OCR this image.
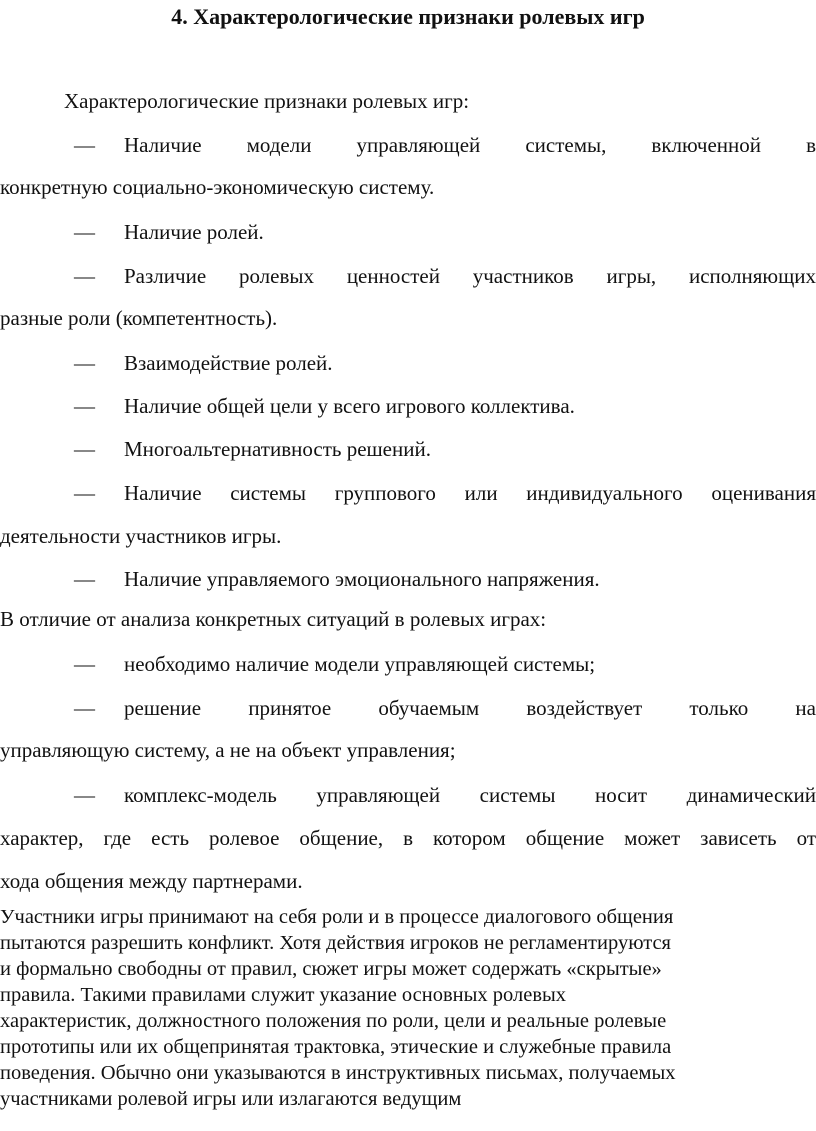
4. Характерологические признаки ролевых игр
Характерологические признаки ролевых игр:
— Наличие модели управляющей системы, включенной в
конкретную социально-экономическую систему.
— Наличие ролей.
— Различие ролевых ценностей участников игры, исполняющих
разные роли (компетентность).
— Взаимодействие ролей.
— Наличие общей цели у всего игрового коллектива.
— Многоальтернативность решений.
— Наличие системы группового или индивидуального оценивания
деятельности участников игры.
— Наличие управляемого эмоционального напряжения.
В отличие от анализа конкретных ситуаций в ролевых играх:
— необходимо наличие модели управляющей системы;
— решение принятое обучаемым воздействует только на
управляющую систему, а не на объект управления;
— комплекс-модель управляющей системы носит динамический
характер, где есть ролевое общение, в котором общение может зависеть от
хода общения между партнерами.
Участники игры принимают на себя роли и в процессе диалогового общения
пытаются разрешить конфликт. Хотя действия игроков не регламентируются
и формально свободны от правил, сюжет игры может содержать «скрытые»
правила. Такими правилами служит указание основных ролевых
характеристик, должностного положения по роли, цели и реальные ролевые
прототипы или их общепринятая трактовка, этические и служебные правила
поведения. Обычно они указываются в инструктивных письмах, получаемых
участниками ролевой игры или излагаются ведущим
